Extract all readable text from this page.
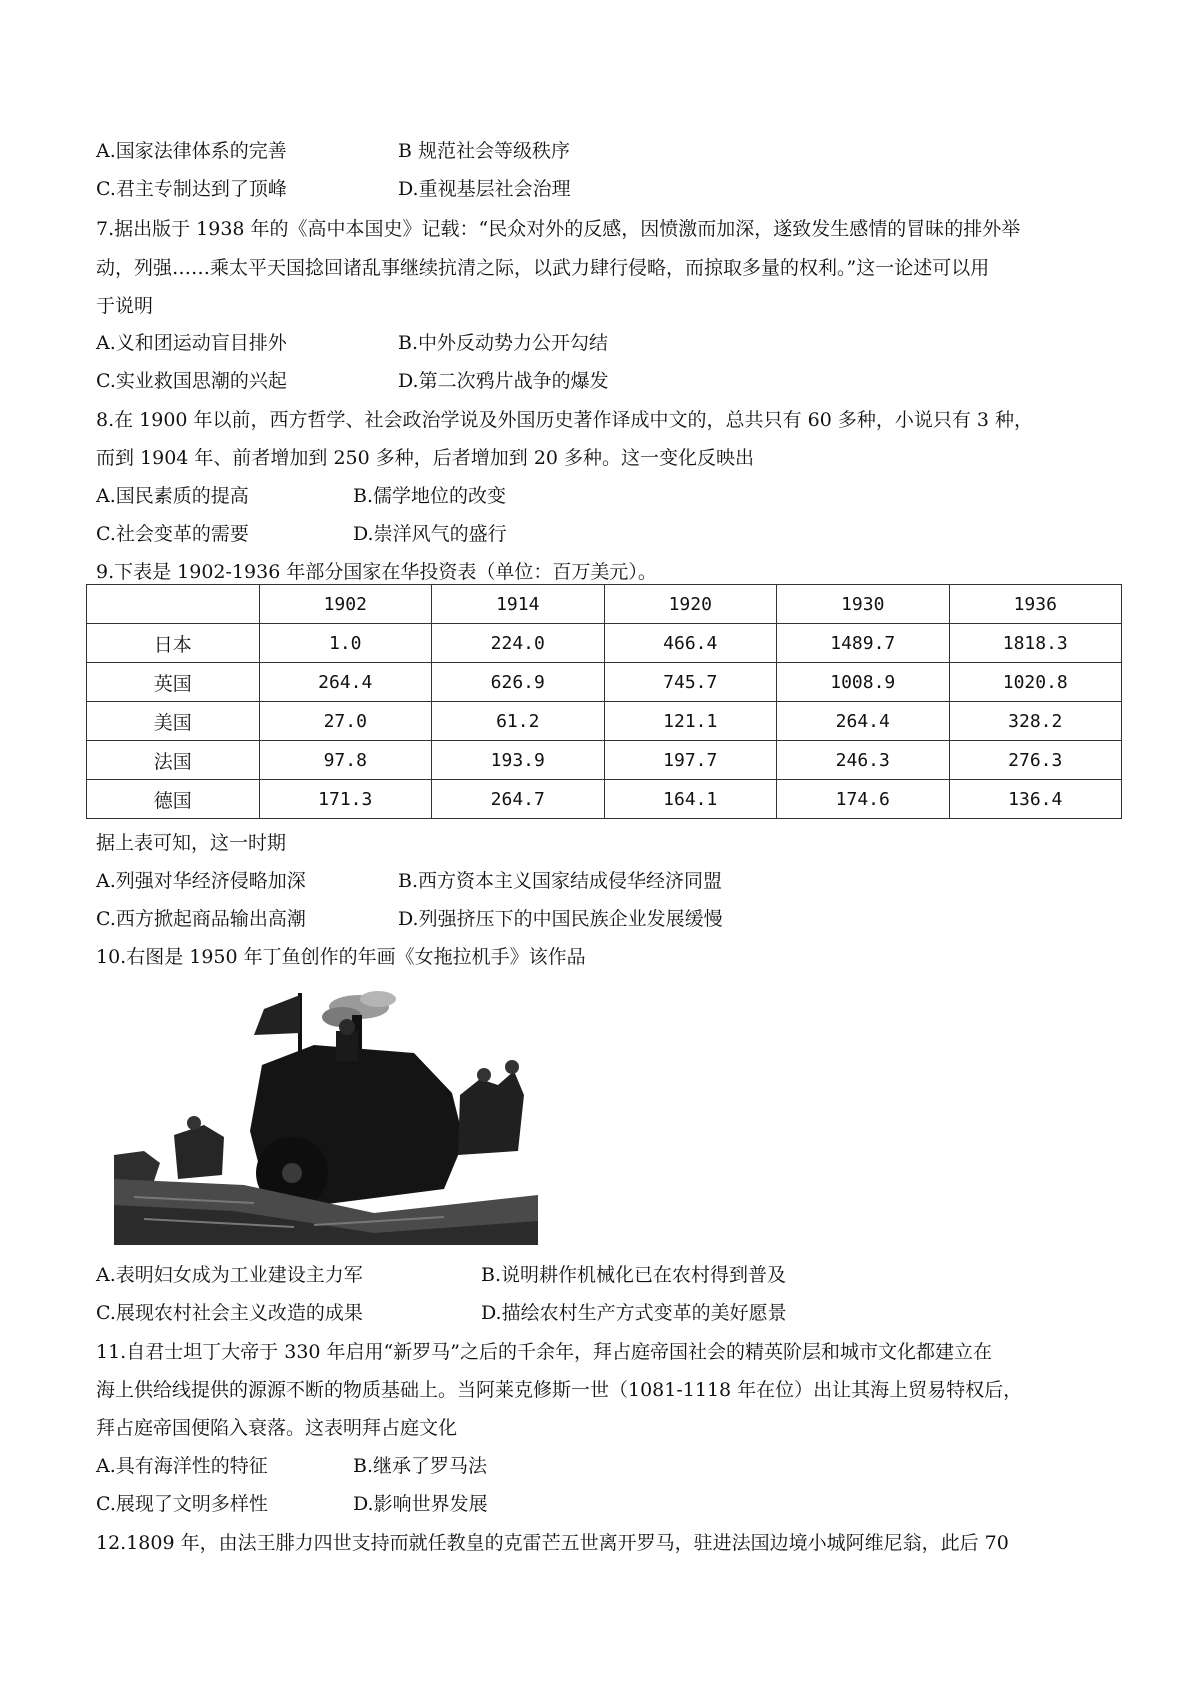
A.国家法律体系的完善	B 规范社会等级秩序
C.君主专制达到了顶峰	D.重视基层社会治理
7.据出版于 1938 年的《高中本国史》记载：“民众对外的反感，因愤激而加深，遂致发生感情的冒昧的排外举
动，列强……乘太平天国捻回诸乱事继续抗清之际，以武力肆行侵略，而掠取多量的权利。”这一论述可以用
于说明
A.义和团运动盲目排外	B.中外反动势力公开勾结
C.实业救国思潮的兴起	D.第二次鸦片战争的爆发
8.在 1900 年以前，西方哲学、社会政治学说及外国历史著作译成中文的，总共只有 60 多种，小说只有 3 种，
而到 1904 年、前者增加到 250 多种，后者增加到 20 多种。这一变化反映出
A.国民素质的提高	B.儒学地位的改变
C.社会变革的需要	D.崇洋风气的盛行
9.下表是 1902-1936 年部分国家在华投资表（单位：百万美元）。
	1902	1914	1920	1930	1936
日本	1.0	224.0	466.4	1489.7	1818.3
英国	264.4	626.9	745.7	1008.9	1020.8
美国	27.0	61.2	121.1	264.4	328.2
法国	97.8	193.9	197.7	246.3	276.3
德国	171.3	264.7	164.1	174.6	136.4
据上表可知，这一时期
A.列强对华经济侵略加深	B.西方资本主义国家结成侵华经济同盟
C.西方掀起商品输出高潮	D.列强挤压下的中国民族企业发展缓慢
10.右图是 1950 年丁鱼创作的年画《女拖拉机手》该作品
A.表明妇女成为工业建设主力军	B.说明耕作机械化已在农村得到普及
C.展现农村社会主义改造的成果	D.描绘农村生产方式变革的美好愿景
11.自君士坦丁大帝于 330 年启用“新罗马”之后的千余年，拜占庭帝国社会的精英阶层和城市文化都建立在
海上供给线提供的源源不断的物质基础上。当阿莱克修斯一世（1081-1118 年在位）出让其海上贸易特权后，
拜占庭帝国便陷入衰落。这表明拜占庭文化
A.具有海洋性的特征	B.继承了罗马法
C.展现了文明多样性	D.影响世界发展
12.1809 年，由法王腓力四世支持而就任教皇的克雷芒五世离开罗马，驻进法国边境小城阿维尼翁，此后 70
